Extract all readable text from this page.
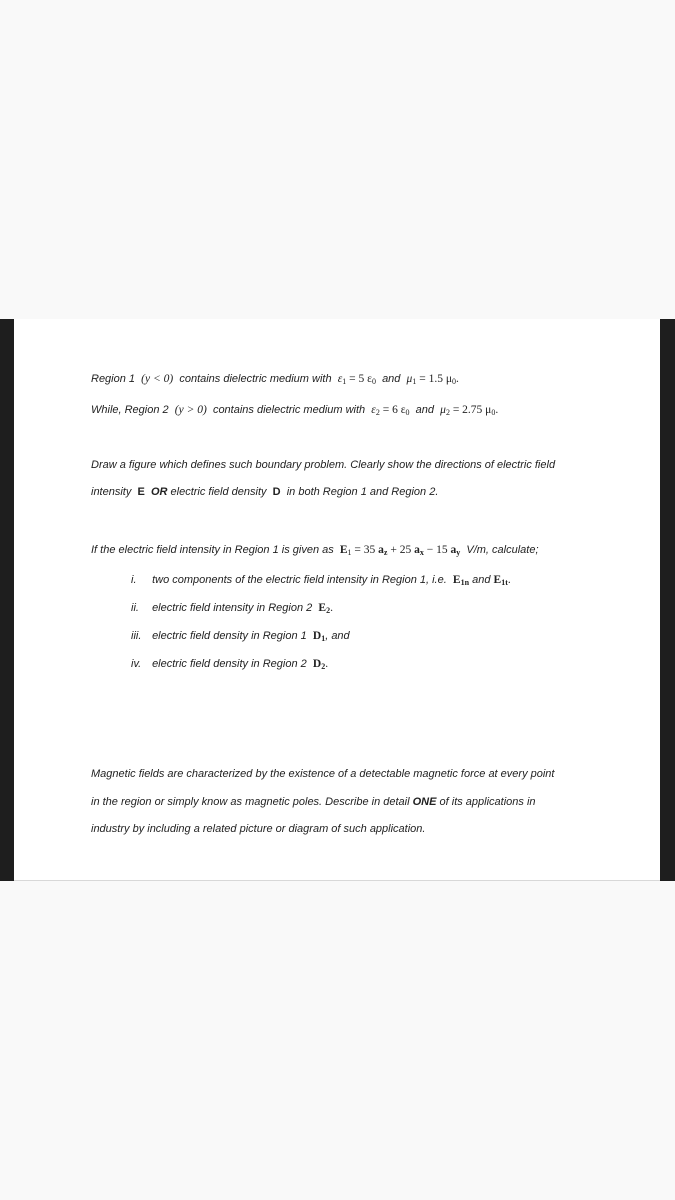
Region 1 (y < 0) contains dielectric medium with $\varepsilon_1 = 5$ $\varepsilon_0$ and $\mu_1 = 1.5$ $\mu_0$.
While, Region 2 (y > 0) contains dielectric medium with $\varepsilon_2 = 6$ $\varepsilon_0$ and $\mu_2 = 2.75$ $\mu_0$.
Draw a figure which defines such boundary problem. Clearly show the directions of electric field
intensity E OR electric field density D in both Region 1 and Region 2.
If the electric field intensity in Region 1 is given as $E_1 = 35$ $a_z + 25$ $a_x - 15$ $a_y$ V/m, calculate;
i. two components of the electric field intensity in Region 1, i.e. $E_{1n}$ and $E_{1t}$.
ii. electric field intensity in Region 2 $E_2$.
iii. electric field density in Region 1 $D_1$, and
iv. electric field density in Region 2 $D_2$.
Magnetic fields are characterized by the existence of a detectable magnetic force at every point
in the region or simply know as magnetic poles. Describe in detail ONE of its applications in
industry by including a related picture or diagram of such application.
